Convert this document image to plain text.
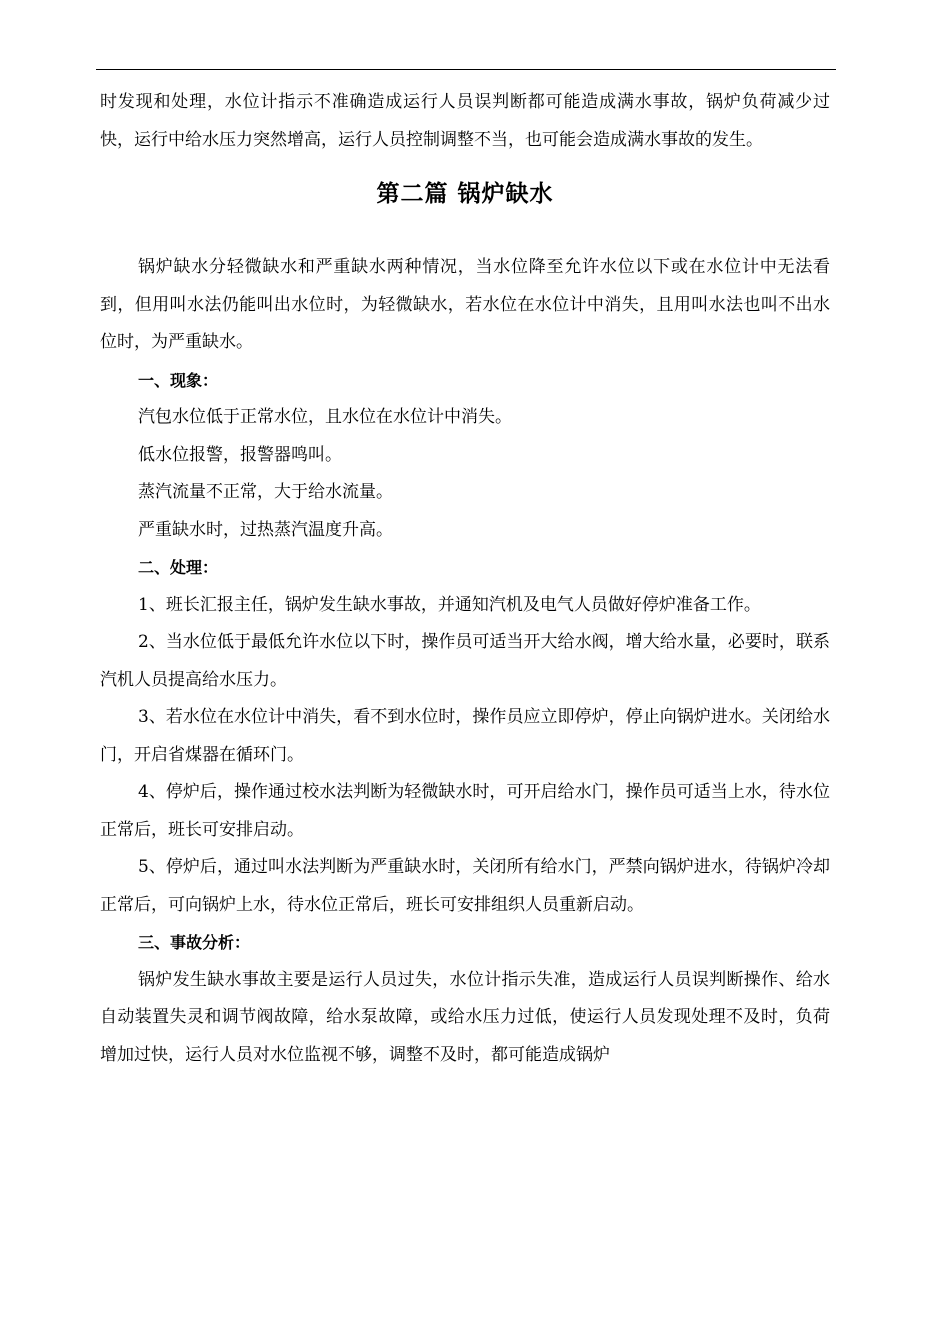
时发现和处理，水位计指示不准确造成运行人员误判断都可能造成满水事故，锅炉负荷减少过快，运行中给水压力突然增高，运行人员控制调整不当，也可能会造成满水事故的发生。

第二篇 锅炉缺水

锅炉缺水分轻微缺水和严重缺水两种情况，当水位降至允许水位以下或在水位计中无法看到，但用叫水法仍能叫出水位时，为轻微缺水，若水位在水位计中消失，且用叫水法也叫不出水位时，为严重缺水。

一、现象：

汽包水位低于正常水位，且水位在水位计中消失。

低水位报警，报警器鸣叫。

蒸汽流量不正常，大于给水流量。

严重缺水时，过热蒸汽温度升高。

二、处理：

1、班长汇报主任，锅炉发生缺水事故，并通知汽机及电气人员做好停炉准备工作。

2、当水位低于最低允许水位以下时，操作员可适当开大给水阀，增大给水量，必要时，联系汽机人员提高给水压力。

3、若水位在水位计中消失，看不到水位时，操作员应立即停炉，停止向锅炉进水。关闭给水门，开启省煤器在循环门。

4、停炉后，操作通过校水法判断为轻微缺水时，可开启给水门，操作员可适当上水，待水位正常后，班长可安排启动。

5、停炉后，通过叫水法判断为严重缺水时，关闭所有给水门，严禁向锅炉进水，待锅炉冷却正常后，可向锅炉上水，待水位正常后，班长可安排组织人员重新启动。

三、事故分析：

锅炉发生缺水事故主要是运行人员过失，水位计指示失准，造成运行人员误判断操作、给水自动装置失灵和调节阀故障，给水泵故障，或给水压力过低，使运行人员发现处理不及时，负荷增加过快，运行人员对水位监视不够，调整不及时，都可能造成锅炉
